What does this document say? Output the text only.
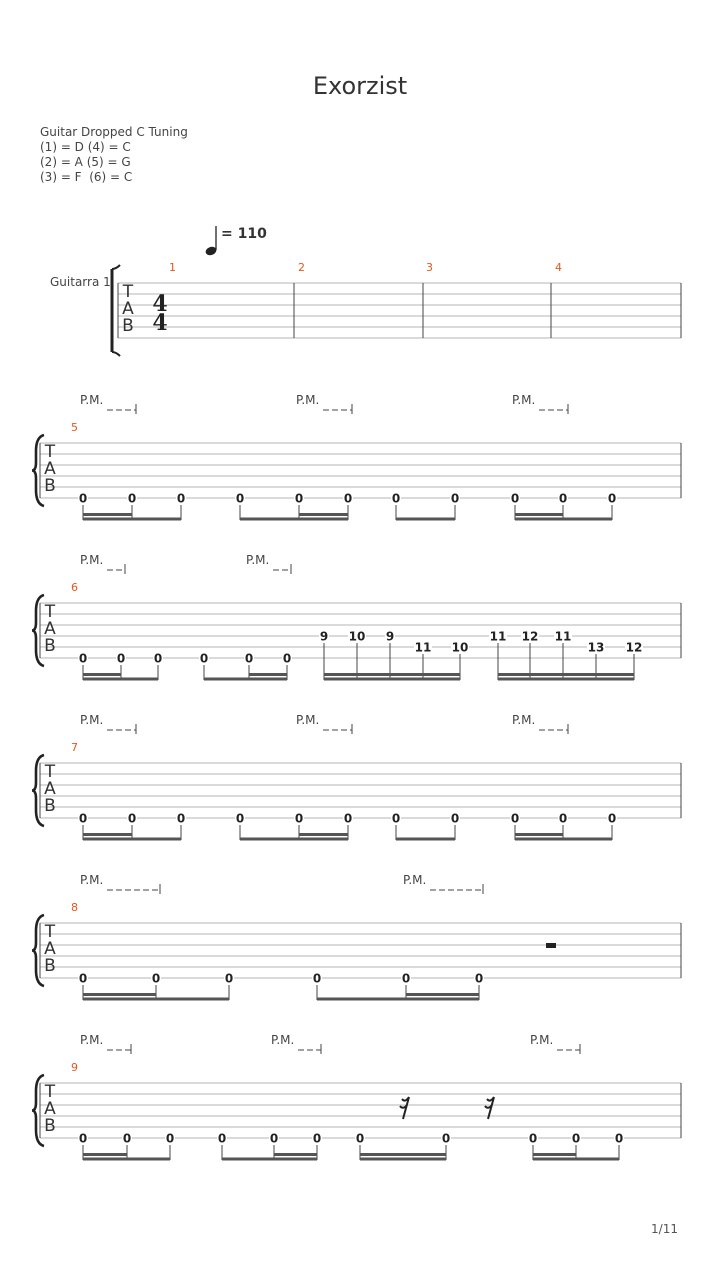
Exorzist
Guitar Dropped C Tuning
(1) = D (4) = C
(2) = A (5) = G
(3) = F  (6) = C
= 110
Guitarra 1 T
A
B
4
4
1	2	3	4
T
A
B
5
P.M.	P.M.	P.M.
0	0	0	0	0	0	0	0	0	0	0
T
A
B
6
P.M.	P.M.
0 0 0	0	0 0
9 10 9
11 10
11 12 11
13 12
T
A
B
7
P.M.	P.M.	P.M.
0	0	0	0	0	0	0	0	0	0	0
T
A
B
8
P.M.	P.M.
0	0	0	0	0	0
T
A
B
9
P.M.	P.M.	P.M.
0	0	0	0	0	0	0	0	0	0	0
1/11
